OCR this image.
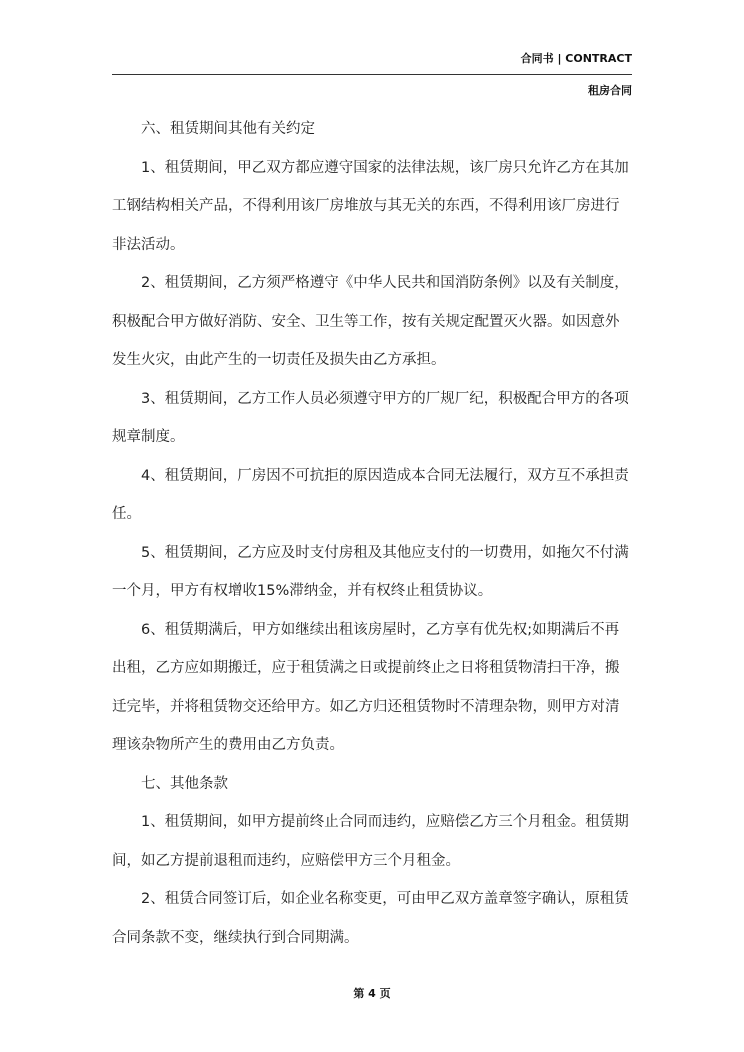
合同书 | CONTRACT
租房合同

六、租赁期间其他有关约定

1、租赁期间，甲乙双方都应遵守国家的法律法规，该厂房只允许乙方在其加工钢结构相关产品，不得利用该厂房堆放与其无关的东西，不得利用该厂房进行非法活动。

2、租赁期间，乙方须严格遵守《中华人民共和国消防条例》以及有关制度，积极配合甲方做好消防、安全、卫生等工作，按有关规定配置灭火器。如因意外发生火灾，由此产生的一切责任及损失由乙方承担。

3、租赁期间，乙方工作人员必须遵守甲方的厂规厂纪，积极配合甲方的各项规章制度。

4、租赁期间，厂房因不可抗拒的原因造成本合同无法履行，双方互不承担责任。

5、租赁期间，乙方应及时支付房租及其他应支付的一切费用，如拖欠不付满一个月，甲方有权增收15%滞纳金，并有权终止租赁协议。

6、租赁期满后，甲方如继续出租该房屋时，乙方享有优先权;如期满后不再出租，乙方应如期搬迁，应于租赁满之日或提前终止之日将租赁物清扫干净，搬迁完毕，并将租赁物交还给甲方。如乙方归还租赁物时不清理杂物，则甲方对清理该杂物所产生的费用由乙方负责。

七、其他条款

1、租赁期间，如甲方提前终止合同而违约，应赔偿乙方三个月租金。租赁期间，如乙方提前退租而违约，应赔偿甲方三个月租金。

2、租赁合同签订后，如企业名称变更，可由甲乙双方盖章签字确认，原租赁合同条款不变，继续执行到合同期满。

第 4 页
